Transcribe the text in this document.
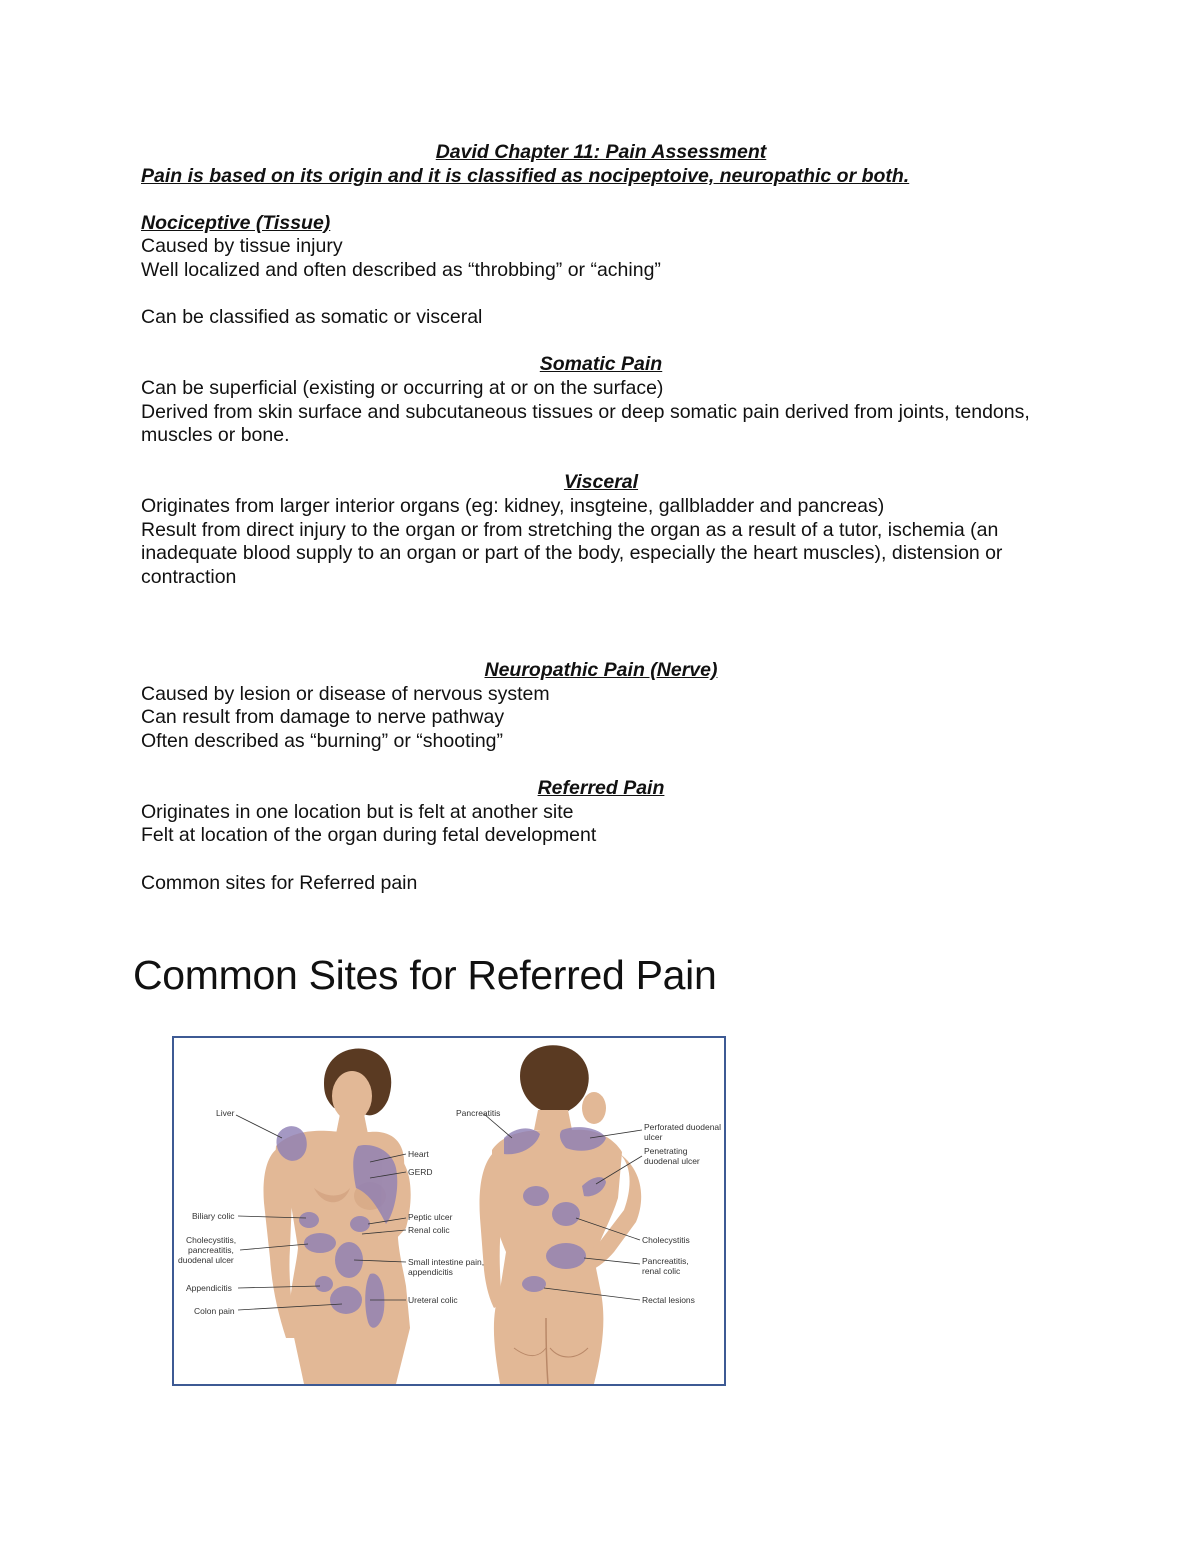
David Chapter 11: Pain Assessment

Pain is based on its origin and it is classified as nocipeptoive, neuropathic or both.

Nociceptive (Tissue)

Caused by tissue injury

Well localized and often described as “throbbing” or “aching”

Can be classified as somatic or visceral

Somatic Pain

Can be superficial (existing or occurring at or on the surface)

Derived from skin surface and subcutaneous tissues or deep somatic pain derived from joints, tendons, muscles or bone.

Visceral

Originates from larger interior organs (eg: kidney, insgteine, gallbladder and pancreas)

Result from direct injury to the organ or from stretching the organ as a result of a tutor, ischemia (an inadequate blood supply to an organ or part of the body, especially the heart muscles), distension or contraction

Neuropathic Pain (Nerve)

Caused by lesion or disease of nervous system

Can result from damage to nerve pathway

Often described as “burning” or “shooting”

Referred Pain

Originates in one location but is felt at another site

Felt at location of the organ during fetal development

Common sites for Referred pain

Common Sites for Referred Pain

Liver
Biliary colic
Cholecystitis,
pancreatitis,
duodenal ulcer
Appendicitis
Colon pain
Heart
GERD
Peptic ulcer
Renal colic
Small intestine pain,
appendicitis
Ureteral colic
Pancreatitis
Perforated duodenal
ulcer
Penetrating
duodenal ulcer
Cholecystitis
Pancreatitis,
renal colic
Rectal lesions
